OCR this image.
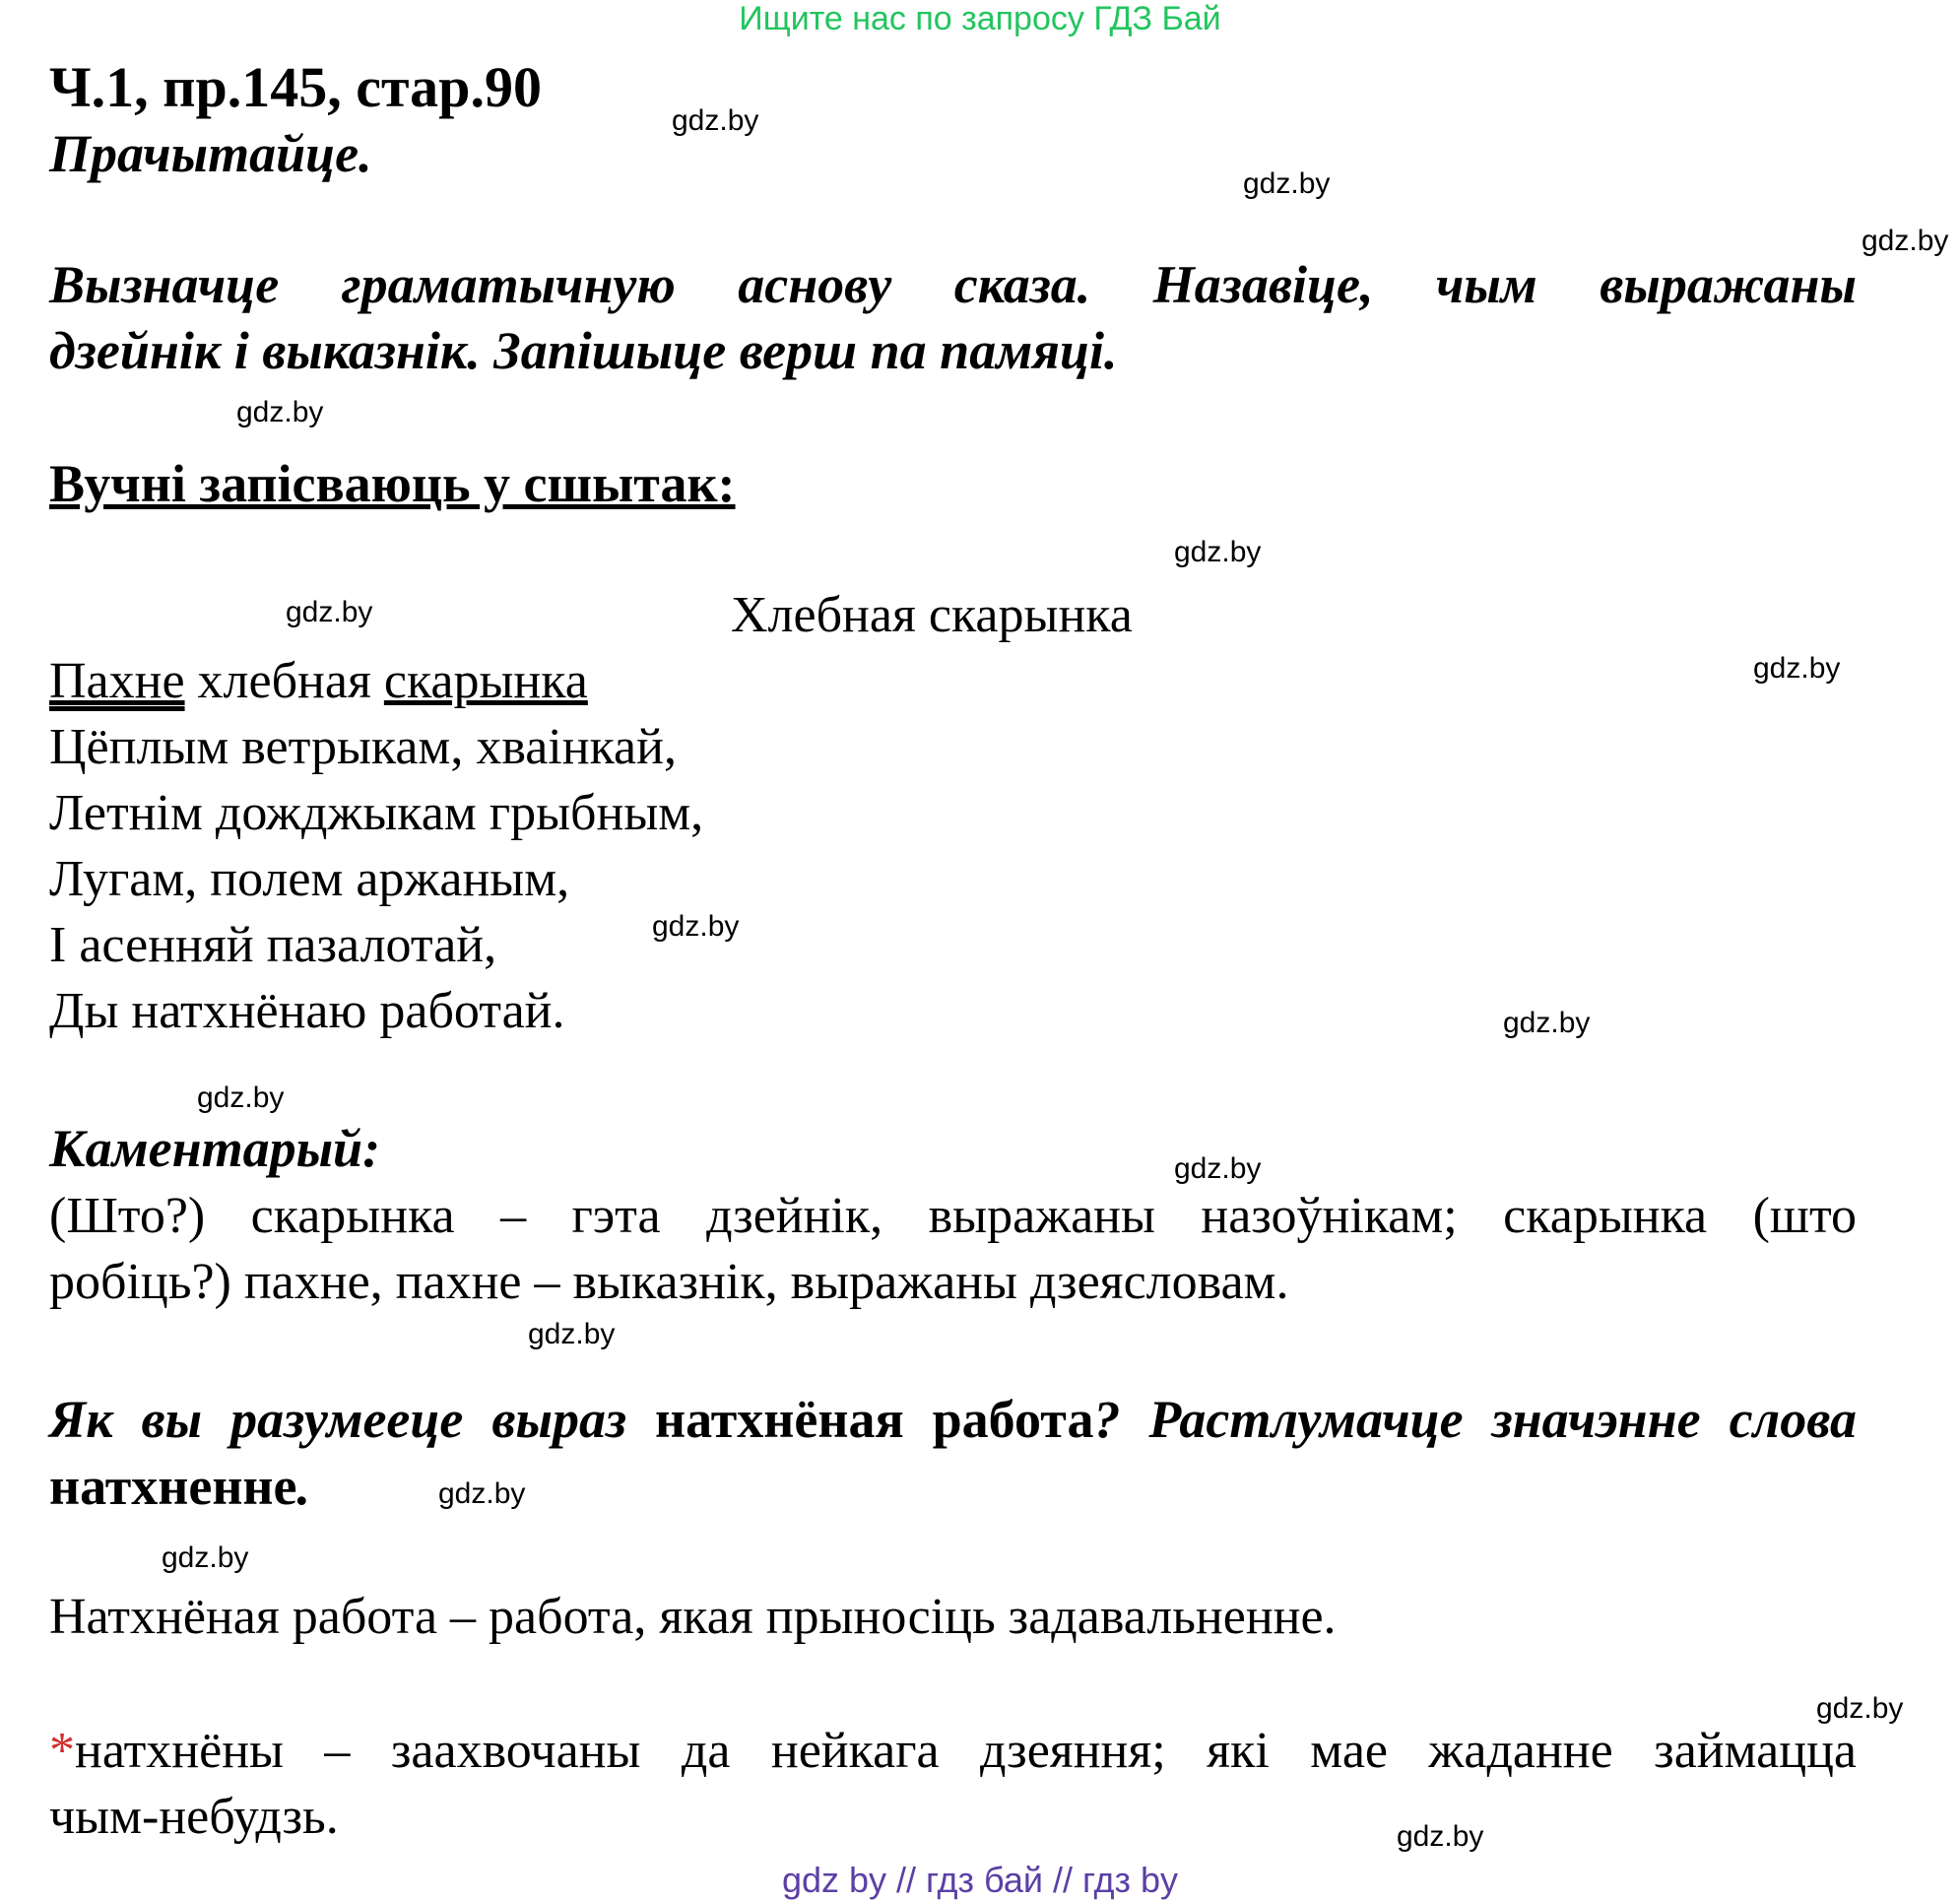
Ищите нас по запросу ГДЗ Бай
Ч.1, пр.145, стар.90
Прачытайце.
Вызначце граматычную аснову сказа. Назавіце, чым выражаны
дзейнік і выказнік. Запішыце верш па памяці.
Вучні запісваюць у сшытак:
Хлебная скарынка
Пахне хлебная скарынка
Цёплым ветрыкам, хваінкай,
Летнім дожджыкам грыбным,
Лугам, полем аржаным,
І асенняй пазалотай,
Ды натхнёнаю работай.
Каментарый:
(Што?) скарынка – гэта дзейнік, выражаны назоўнікам; скарынка (што
робіць?) пахне, пахне – выказнік, выражаны дзеясловам.
Як вы разумееце выраз натхнёная работа? Растлумачце значэнне слова
натхненне.
Натхнёная работа – работа, якая прыносіць задавальненне.
*натхнёны – заахвочаны да нейкага дзеяння; які мае жаданне займацца
чым-небудзь.
gdz.by
gdz.by
gdz.by
gdz.by
gdz.by
gdz.by
gdz.by
gdz.by
gdz.by
gdz.by
gdz.by
gdz.by
gdz.by
gdz.by
gdz.by
gdz.by
gdz by // гдз бай // гдз by
